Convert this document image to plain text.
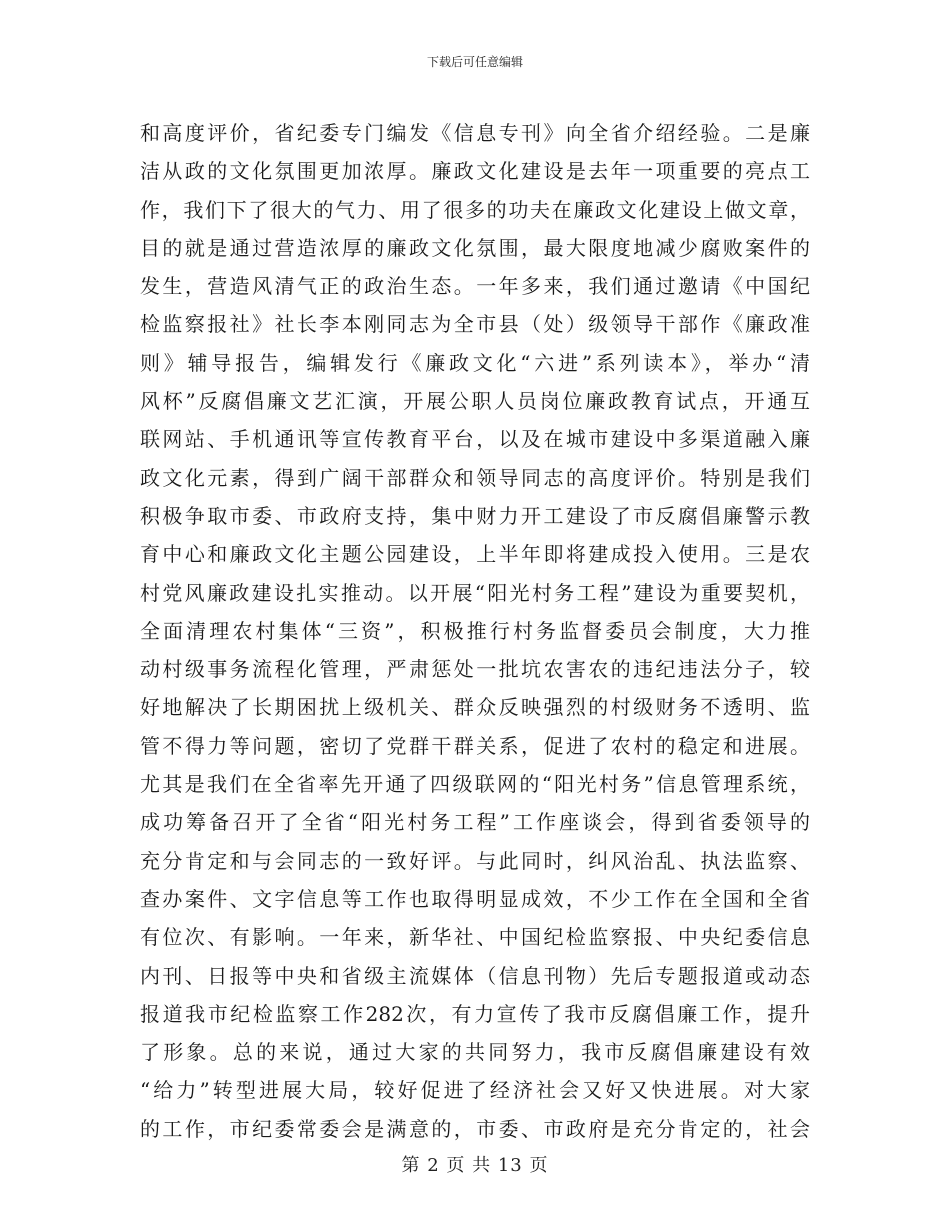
下载后可任意编辑
和高度评价，省纪委专门编发《信息专刊》向全省介绍经验。二是廉
洁从政的文化氛围更加浓厚。廉政文化建设是去年一项重要的亮点工
作，我们下了很大的气力、用了很多的功夫在廉政文化建设上做文章，
目的就是通过营造浓厚的廉政文化氛围，最大限度地减少腐败案件的
发生，营造风清气正的政治生态。一年多来，我们通过邀请《中国纪
检监察报社》社长李本刚同志为全市县（处）级领导干部作《廉政准
则》辅导报告，编辑发行《廉政文化“六进”系列读本》，举办“清
风杯”反腐倡廉文艺汇演，开展公职人员岗位廉政教育试点，开通互
联网站、手机通讯等宣传教育平台，以及在城市建设中多渠道融入廉
政文化元素，得到广阔干部群众和领导同志的高度评价。特别是我们
积极争取市委、市政府支持，集中财力开工建设了市反腐倡廉警示教
育中心和廉政文化主题公园建设，上半年即将建成投入使用。三是农
村党风廉政建设扎实推动。以开展“阳光村务工程”建设为重要契机，
全面清理农村集体“三资”，积极推行村务监督委员会制度，大力推
动村级事务流程化管理，严肃惩处一批坑农害农的违纪违法分子，较
好地解决了长期困扰上级机关、群众反映强烈的村级财务不透明、监
管不得力等问题，密切了党群干群关系，促进了农村的稳定和进展。
尤其是我们在全省率先开通了四级联网的“阳光村务”信息管理系统，
成功筹备召开了全省“阳光村务工程”工作座谈会，得到省委领导的
充分肯定和与会同志的一致好评。与此同时，纠风治乱、执法监察、
查办案件、文字信息等工作也取得明显成效，不少工作在全国和全省
有位次、有影响。一年来，新华社、中国纪检监察报、中央纪委信息
内刊、日报等中央和省级主流媒体（信息刊物）先后专题报道或动态
报道我市纪检监察工作282次，有力宣传了我市反腐倡廉工作，提升
了形象。总的来说，通过大家的共同努力，我市反腐倡廉建设有效
“给力”转型进展大局，较好促进了经济社会又好又快进展。对大家
的工作，市纪委常委会是满意的，市委、市政府是充分肯定的，社会
第 2 页 共 13 页
